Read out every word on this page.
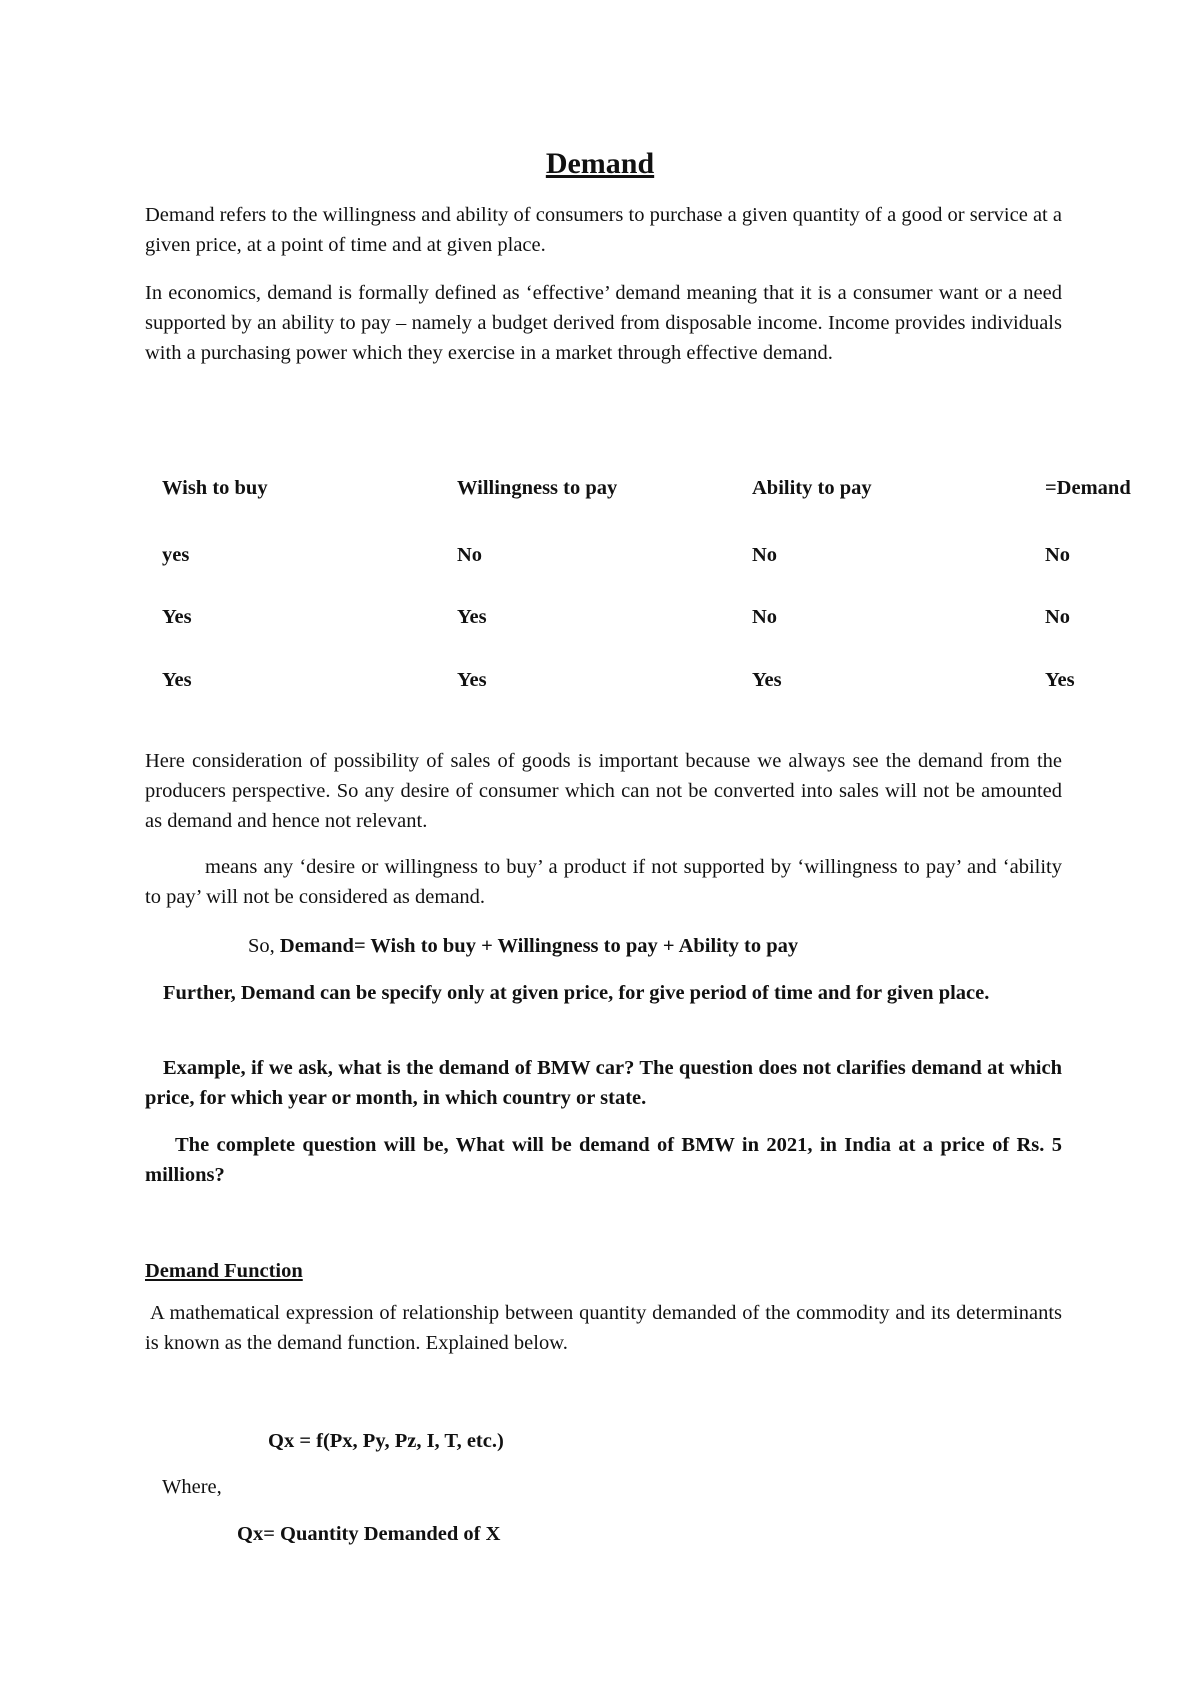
Demand

Demand refers to the willingness and ability of consumers to purchase a given quantity of a good or service at a given price, at a point of time and at given place.

In economics, demand is formally defined as ‘effective’ demand meaning that it is a consumer want or a need supported by an ability to pay – namely a budget derived from disposable income. Income provides individuals with a purchasing power which they exercise in a market through effective demand.

Wish to buy	Willingness to pay	Ability to pay	=Demand
yes	No	No	No
Yes	Yes	No	No
Yes	Yes	Yes	Yes

Here consideration of possibility of sales of goods is important because we always see the demand from the producers perspective. So any desire of consumer which can not be converted into sales will not be amounted as demand and hence not relevant.

means any ‘desire or willingness to buy’ a product if not supported by ‘willingness to pay’ and ‘ability to pay’ will not be considered as demand.

So, Demand= Wish to buy + Willingness to pay + Ability to pay

Further, Demand can be specify only at given price, for give period of time and for given place.

Example, if we ask, what is the demand of BMW car? The question does not clarifies demand at which price, for which year or month, in which country or state.

The complete question will be, What will be demand of BMW in 2021, in India at a price of Rs. 5 millions?

Demand Function

A mathematical expression of relationship between quantity demanded of the commodity and its determinants is known as the demand function. Explained below.

Qx = f(Px, Py, Pz, I, T, etc.)
Where,
Qx= Quantity Demanded of X
